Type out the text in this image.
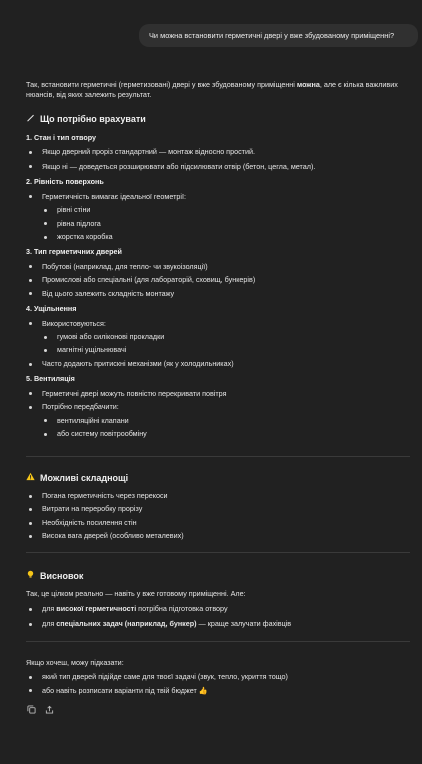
Чи можна встановити герметичні двері у вже збудованому приміщенні?

Так, встановити герметичні (герметизовані) двері у вже збудованому приміщенні можна, але є кілька важливих нюансів, від яких залежить результат.

Що потрібно врахувати
1. Стан і тип отвору
Якщо дверний проріз стандартний — монтаж відносно простий.
Якщо ні — доведеться розширювати або підсилювати отвір (бетон, цегла, метал).
2. Рівність поверхонь
Герметичність вимагає ідеальної геометрії:
рівні стіни
рівна підлога
жорстка коробка
3. Тип герметичних дверей
Побутові (наприклад, для тепло- чи звукоізоляції)
Промислові або спеціальні (для лабораторій, сховищ, бункерів)
Від цього залежить складність монтажу
4. Ущільнення
Використовуються:
гумові або силіконові прокладки
магнітні ущільнювачі
Часто додають притискні механізми (як у холодильниках)
5. Вентиляція
Герметичні двері можуть повністю перекривати повітря
Потрібно передбачити:
вентиляційні клапани
або систему повітрообміну
Можливі складнощі
Погана герметичність через перекоси
Витрати на переробку прорізу
Необхідність посилення стін
Висока вага дверей (особливо металевих)
Висновок

Так, це цілком реально — навіть у вже готовому приміщенні. Але:

для високої герметичності потрібна підготовка отвору
для спеціальних задач (наприклад, бункер) — краще залучати фахівців

Якщо хочеш, можу підказати:

який тип дверей підійде саме для твоєї задачі (звук, тепло, укриття тощо)
або навіть розписати варіанти під твій бюджет 👍
